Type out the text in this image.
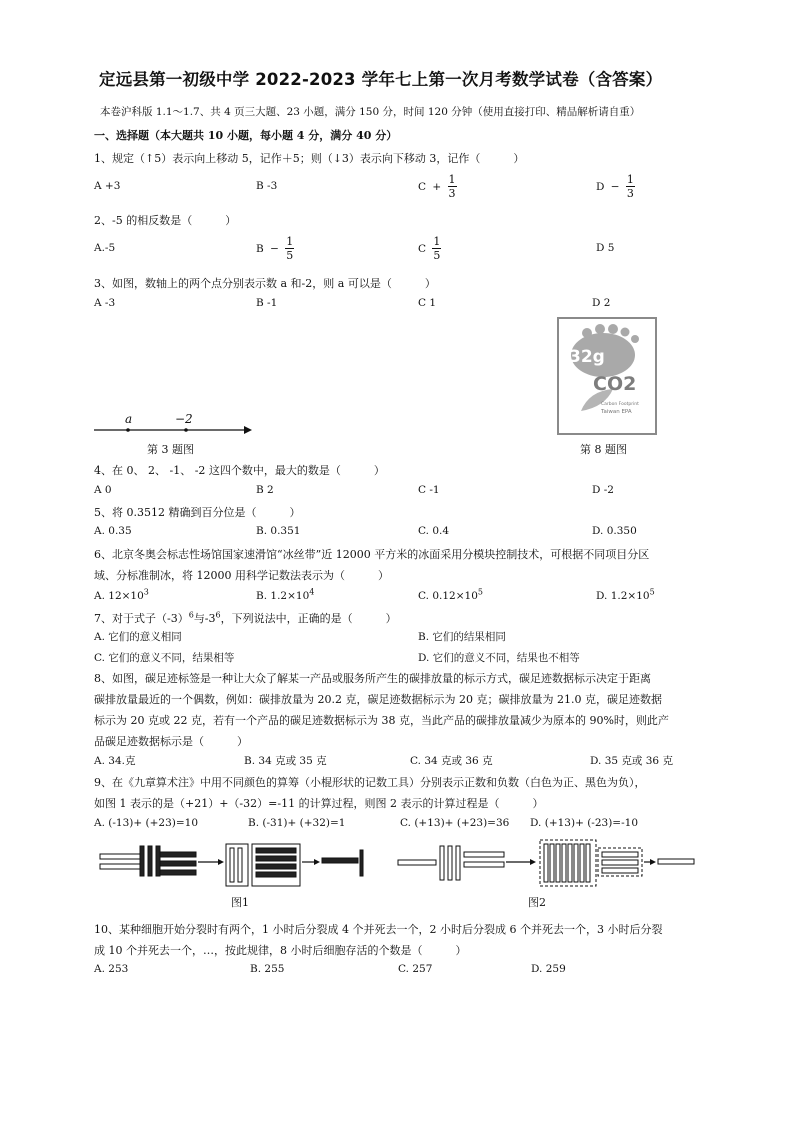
定远县第一初级中学 2022-2023 学年七上第一次月考数学试卷（含答案）
本卷沪科版 1.1～1.7、共 4 页三大题、23 小题，满分 150 分，时间 120 分钟（使用直接打印、精品解析请自重）
一、选择题（本大题共 10 小题，每小题 4 分，满分 40 分）
1、规定（↑5）表示向上移动 5，记作＋5；则（↓3）表示向下移动 3，记作（　　　）
A +3	B -3	$C + \frac{1}{3}$	$D - \frac{1}{3}$
2、-5 的相反数是（　　　）
A.-5	$B - \frac{1}{5}$	C $\frac{1}{5}$	D 5
3、如图，数轴上的两个点分别表示数 a 和-2，则 a 可以是（　　　）
A -3	B -1	C 1	D 2
a	−2
第 3 题图
32g
CO2
Carbon Footprint
Taiwan EPA
第 8 题图
4、在 0、 2、 -1、 -2 这四个数中，最大的数是（　　　）
A 0	B 2	C -1	D -2
5、将 0.3512 精确到百分位是（　　　）
A. 0.35	B. 0.351	C. 0.4	D. 0.350
6、北京冬奥会标志性场馆国家速滑馆“冰丝带”近 12000 平方米的冰面采用分模块控制技术，可根据不同项目分区
域、分标准制冰，将 12000 用科学记数法表示为（　　　）
A. $12\times 10^3$	B. $1.2\times 10^4$	C. $0.12\times 10^5$	D. $1.2\times 10^5$
7、对于式子$(-3)^6$与$-3^6$，下列说法中，正确的是（　　　）
A. 它们的意义相同	B. 它们的结果相同
C. 它们的意义不同，结果相等	D. 它们的意义不同，结果也不相等
8、如图，碳足迹标签是一种让大众了解某一产品或服务所产生的碳排放量的标示方式，碳足迹数据标示决定于距离
碳排放量最近的一个偶数，例如：碳排放量为 20.2 克，碳足迹数据标示为 20 克；碳排放量为 21.0 克，碳足迹数据
标示为 20 克或 22 克，若有一个产品的碳足迹数据标示为 38 克，当此产品的碳排放量减少为原本的 90%时，则此产
品碳足迹数据标示是（　　　）
A. 34.克	B. 34 克或 35 克	C. 34 克或 36 克	D. 35 克或 36 克
9、在《九章算术注》中用不同颜色的算筹（小棍形状的记数工具）分别表示正数和负数（白色为正、黑色为负），
如图 1 表示的是（+21）+（-32）=-11 的计算过程，则图 2 表示的计算过程是（　　　）
A. (-13)+ (+23)=10	B. (-31)+ (+32)=1	C. (+13)+ (+23)=36 D. (+13)+ (-23)=-10
图1	图2
10、某种细胞开始分裂时有两个，1 小时后分裂成 4 个并死去一个，2 小时后分裂成 6 个并死去一个，3 小时后分裂
成 10 个并死去一个，…，按此规律，8 小时后细胞存活的个数是（　　　）
A. 253	B. 255	C. 257	D. 259
